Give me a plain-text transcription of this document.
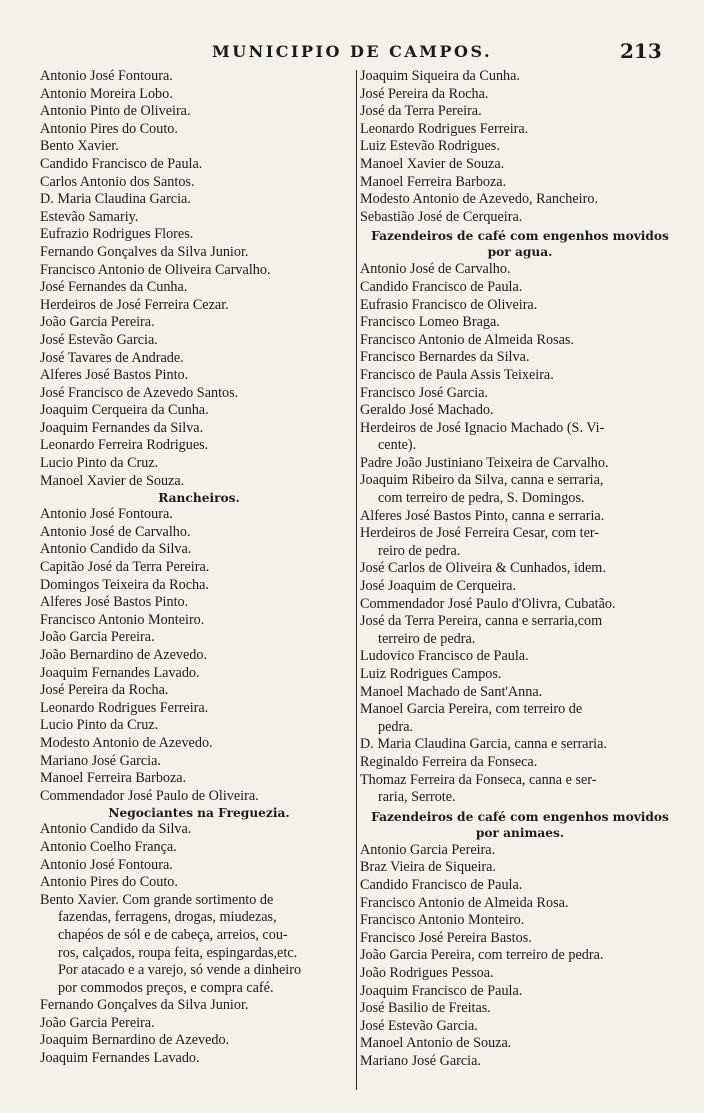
MUNICIPIO DE CAMPOS.	213
Antonio José Fontoura.
Antonio Moreira Lobo.
Antonio Pinto de Oliveira.
Antonio Pires do Couto.
Bento Xavier.
Candido Francisco de Paula.
Carlos Antonio dos Santos.
D. Maria Claudina Garcia.
Estevão Samariy.
Eufrazio Rodrigues Flores.
Fernando Gonçalves da Silva Junior.
Francisco Antonio de Oliveira Carvalho.
José Fernandes da Cunha.
Herdeiros de José Ferreira Cezar.
João Garcia Pereira.
José Estevão Garcia.
José Tavares de Andrade.
Alferes José Bastos Pinto.
José Francisco de Azevedo Santos.
Joaquim Cerqueira da Cunha.
Joaquim Fernandes da Silva.
Leonardo Ferreira Rodrigues.
Lucio Pinto da Cruz.
Manoel Xavier de Souza.
Rancheiros.
Antonio José Fontoura.
Antonio José de Carvalho.
Antonio Candido da Silva.
Capitão José da Terra Pereira.
Domingos Teixeira da Rocha.
Alferes José Bastos Pinto.
Francisco Antonio Monteiro.
João Garcia Pereira.
João Bernardino de Azevedo.
Joaquim Fernandes Lavado.
José Pereira da Rocha.
Leonardo Rodrigues Ferreira.
Lucio Pinto da Cruz.
Modesto Antonio de Azevedo.
Mariano José Garcia.
Manoel Ferreira Barboza.
Commendador José Paulo de Oliveira.
Negociantes na Freguezia.
Antonio Candido da Silva.
Antonio Coelho França.
Antonio José Fontoura.
Antonio Pires do Couto.
Bento Xavier. Com grande sortimento de
fazendas, ferragens, drogas, miudezas,
chapéos de sól e de cabeça, arreios, cou-
ros, calçados, roupa feita, espingardas,etc.
Por atacado e a varejo, só vende a dinheiro
por commodos preços, e compra café.
Fernando Gonçalves da Silva Junior.
João Garcia Pereira.
Joaquim Bernardino de Azevedo.
Joaquim Fernandes Lavado.
Joaquim Siqueira da Cunha.
José Pereira da Rocha.
José da Terra Pereira.
Leonardo Rodrigues Ferreira.
Luiz Estevão Rodrigues.
Manoel Xavier de Souza.
Manoel Ferreira Barboza.
Modesto Antonio de Azevedo, Rancheiro.
Sebastião José de Cerqueira.
Fazendeiros de café com engenhos movidos por agua.
Antonio José de Carvalho.
Candido Francisco de Paula.
Eufrasio Francisco de Oliveira.
Francisco Lomeo Braga.
Francisco Antonio de Almeida Rosas.
Francisco Bernardes da Silva.
Francisco de Paula Assis Teixeira.
Francisco José Garcia.
Geraldo José Machado.
Herdeiros de José Ignacio Machado (S. Vi-
cente).
Padre João Justiniano Teixeira de Carvalho.
Joaquim Ribeiro da Silva, canna e serraria,
com terreiro de pedra, S. Domingos.
Alferes José Bastos Pinto, canna e serraria.
Herdeiros de José Ferreira Cesar, com ter-
reiro de pedra.
José Carlos de Oliveira & Cunhados, idem.
José Joaquim de Cerqueira.
Commendador José Paulo d'Olivra, Cubatão.
José da Terra Pereira, canna e serraria,com
terreiro de pedra.
Ludovico Francisco de Paula.
Luiz Rodrigues Campos.
Manoel Machado de Sant'Anna.
Manoel Garcia Pereira, com terreiro de
pedra.
D. Maria Claudina Garcia, canna e serraria.
Reginaldo Ferreira da Fonseca.
Thomaz Ferreira da Fonseca, canna e ser-
raria, Serrote.
Fazendeiros de café com engenhos movidos por animaes.
Antonio Garcia Pereira.
Braz Vieira de Siqueira.
Candido Francisco de Paula.
Francisco Antonio de Almeida Rosa.
Francisco Antonio Monteiro.
Francisco José Pereira Bastos.
João Garcia Pereira, com terreiro de pedra.
João Rodrigues Pessoa.
Joaquim Francisco de Paula.
José Basilio de Freitas.
José Estevão Garcia.
Manoel Antonio de Souza.
Mariano José Garcia.
